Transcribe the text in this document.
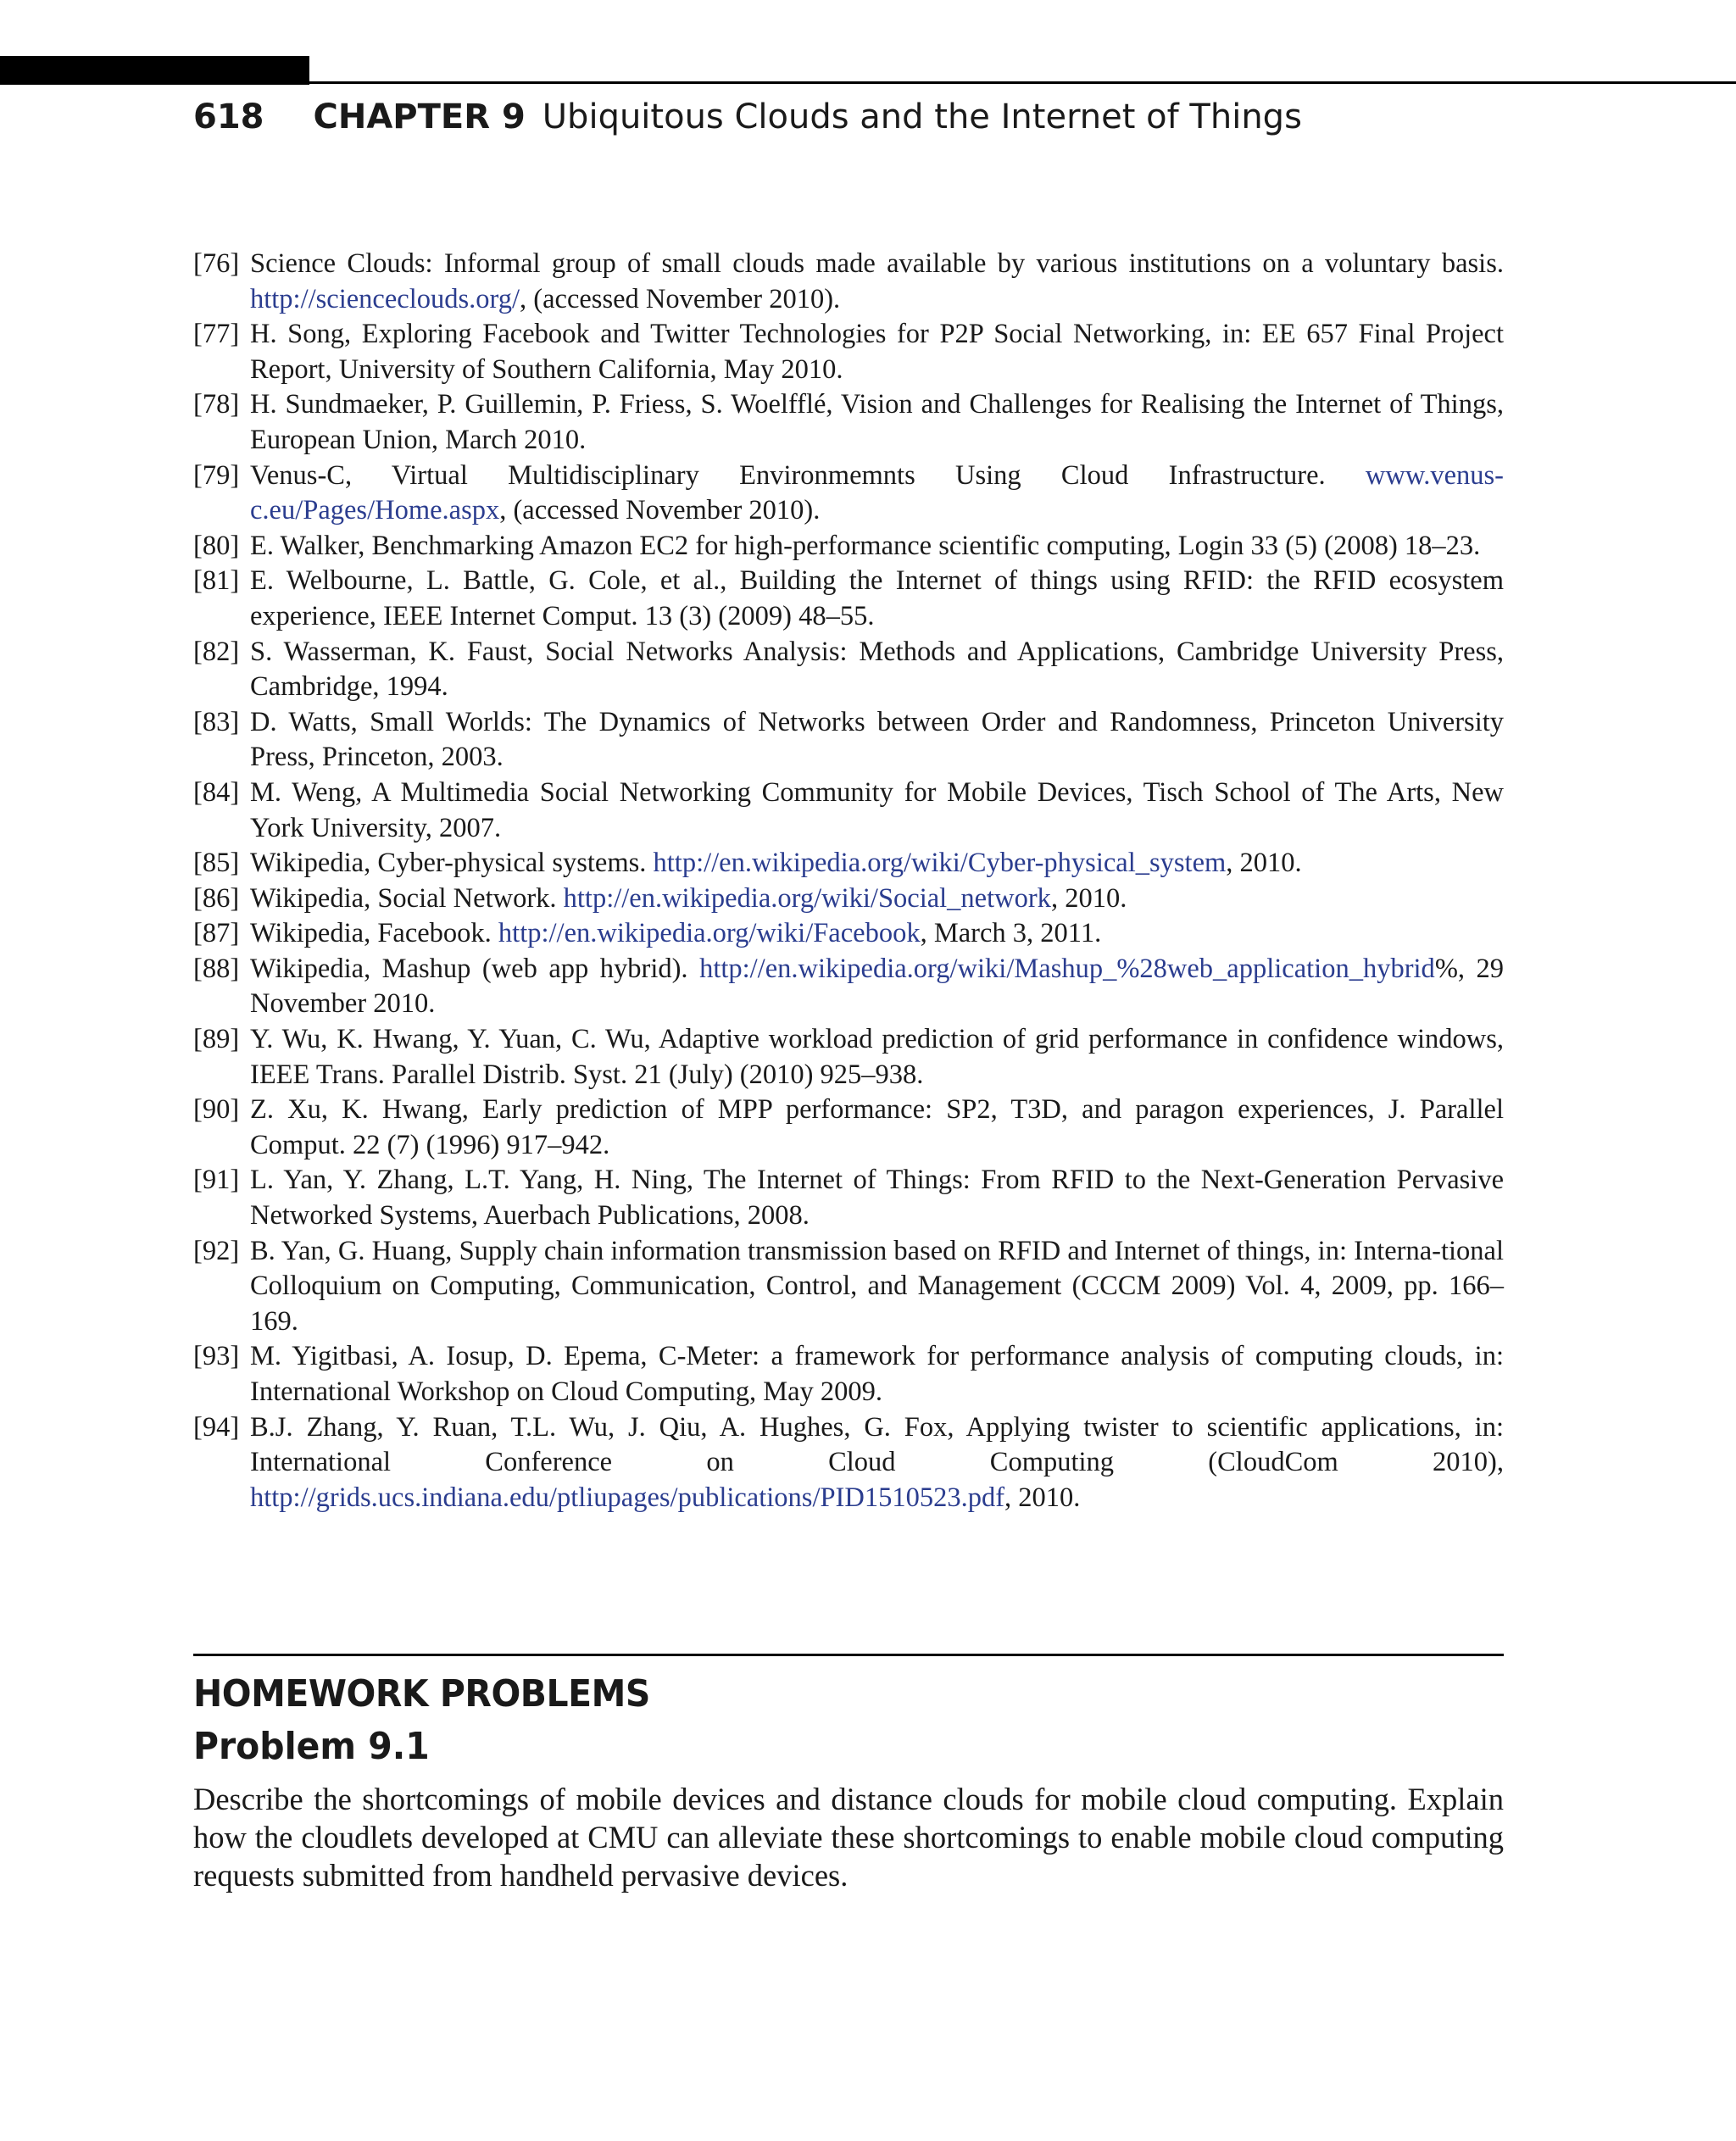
618 CHAPTER 9 Ubiquitous Clouds and the Internet of Things
[76] Science Clouds: Informal group of small clouds made available by various institutions on a voluntary basis. http://scienceclouds.org/, (accessed November 2010).
[77] H. Song, Exploring Facebook and Twitter Technologies for P2P Social Networking, in: EE 657 Final Project Report, University of Southern California, May 2010.
[78] H. Sundmaeker, P. Guillemin, P. Friess, S. Woelfflé, Vision and Challenges for Realising the Internet of Things, European Union, March 2010.
[79] Venus-C, Virtual Multidisciplinary Environmemnts Using Cloud Infrastructure. www.venus-c.eu/Pages/Home.aspx, (accessed November 2010).
[80] E. Walker, Benchmarking Amazon EC2 for high-performance scientific computing, Login 33 (5) (2008) 18–23.
[81] E. Welbourne, L. Battle, G. Cole, et al., Building the Internet of things using RFID: the RFID ecosystem experience, IEEE Internet Comput. 13 (3) (2009) 48–55.
[82] S. Wasserman, K. Faust, Social Networks Analysis: Methods and Applications, Cambridge University Press, Cambridge, 1994.
[83] D. Watts, Small Worlds: The Dynamics of Networks between Order and Randomness, Princeton University Press, Princeton, 2003.
[84] M. Weng, A Multimedia Social Networking Community for Mobile Devices, Tisch School of The Arts, New York University, 2007.
[85] Wikipedia, Cyber-physical systems. http://en.wikipedia.org/wiki/Cyber-physical_system, 2010.
[86] Wikipedia, Social Network. http://en.wikipedia.org/wiki/Social_network, 2010.
[87] Wikipedia, Facebook. http://en.wikipedia.org/wiki/Facebook, March 3, 2011.
[88] Wikipedia, Mashup (web app hybrid). http://en.wikipedia.org/wiki/Mashup_%28web_application_hybrid%, 29 November 2010.
[89] Y. Wu, K. Hwang, Y. Yuan, C. Wu, Adaptive workload prediction of grid performance in confidence windows, IEEE Trans. Parallel Distrib. Syst. 21 (July) (2010) 925–938.
[90] Z. Xu, K. Hwang, Early prediction of MPP performance: SP2, T3D, and paragon experiences, J. Parallel Comput. 22 (7) (1996) 917–942.
[91] L. Yan, Y. Zhang, L.T. Yang, H. Ning, The Internet of Things: From RFID to the Next-Generation Pervasive Networked Systems, Auerbach Publications, 2008.
[92] B. Yan, G. Huang, Supply chain information transmission based on RFID and Internet of things, in: Interna-tional Colloquium on Computing, Communication, Control, and Management (CCCM 2009) Vol. 4, 2009, pp. 166–169.
[93] M. Yigitbasi, A. Iosup, D. Epema, C-Meter: a framework for performance analysis of computing clouds, in: International Workshop on Cloud Computing, May 2009.
[94] B.J. Zhang, Y. Ruan, T.L. Wu, J. Qiu, A. Hughes, G. Fox, Applying twister to scientific applications, in: International Conference on Cloud Computing (CloudCom 2010), http://grids.ucs.indiana.edu/ptliupages/publications/PID1510523.pdf, 2010.
HOMEWORK PROBLEMS
Problem 9.1
Describe the shortcomings of mobile devices and distance clouds for mobile cloud computing. Explain how the cloudlets developed at CMU can alleviate these shortcomings to enable mobile cloud computing requests submitted from handheld pervasive devices.
